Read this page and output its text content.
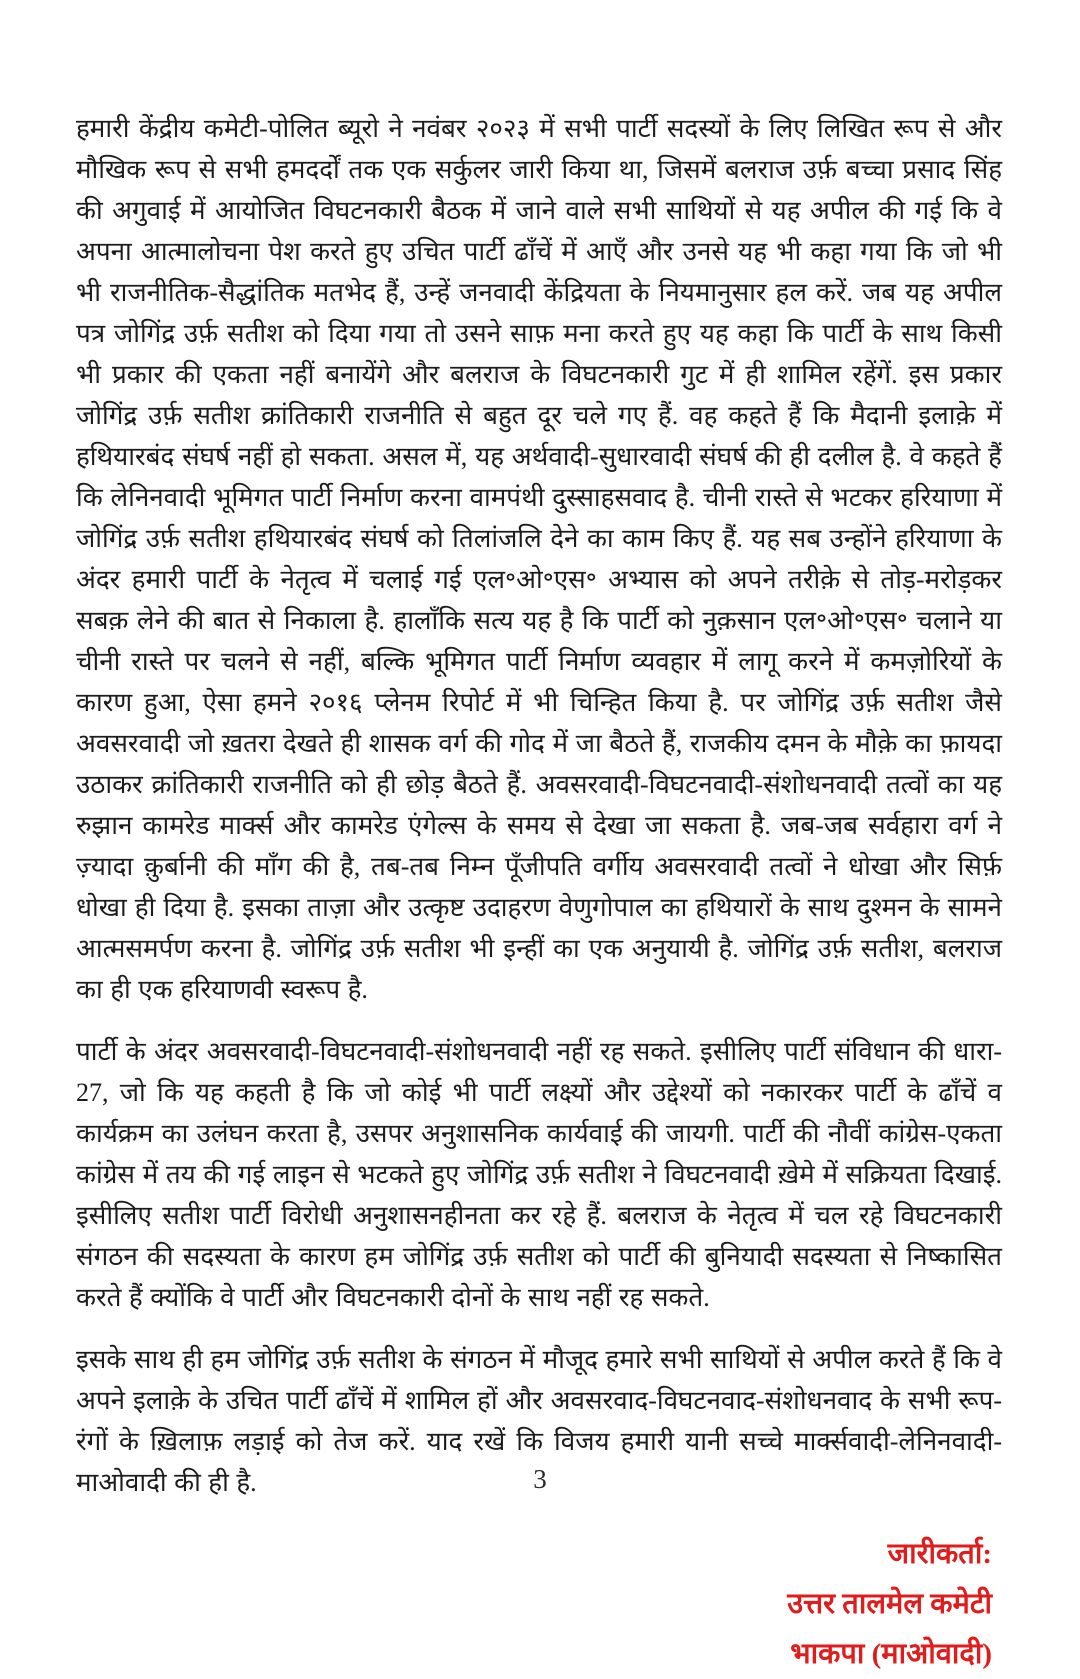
हमारी केंद्रीय कमेटी-पोलित ब्यूरो ने नवंबर २०२३ में सभी पार्टी सदस्यों के लिए लिखित रूप से और मौखिक रूप से सभी हमदर्दों तक एक सर्कुलर जारी किया था, जिसमें बलराज उर्फ़ बच्चा प्रसाद सिंह की अगुवाई में आयोजित विघटनकारी बैठक में जाने वाले सभी साथियों से यह अपील की गई कि वे अपना आत्मालोचना पेश करते हुए उचित पार्टी ढाँचें में आएँ और उनसे यह भी कहा गया कि जो भी भी राजनीतिक-सैद्धांतिक मतभेद हैं, उन्हें जनवादी केंद्रियता के नियमानुसार हल करें. जब यह अपील पत्र जोगिंद्र उर्फ़ सतीश को दिया गया तो उसने साफ़ मना करते हुए यह कहा कि पार्टी के साथ किसी भी प्रकार की एकता नहीं बनायेंगे और बलराज के विघटनकारी गुट में ही शामिल रहेंगें. इस प्रकार जोगिंद्र उर्फ़ सतीश क्रांतिकारी राजनीति से बहुत दूर चले गए हैं. वह कहते हैं कि मैदानी इलाक़े में हथियारबंद संघर्ष नहीं हो सकता. असल में, यह अर्थवादी-सुधारवादी संघर्ष की ही दलील है. वे कहते हैं कि लेनिनवादी भूमिगत पार्टी निर्माण करना वामपंथी दुस्साहसवाद है. चीनी रास्ते से भटकर हरियाणा में जोगिंद्र उर्फ़ सतीश हथियारबंद संघर्ष को तिलांजलि देने का काम किए हैं. यह सब उन्होंने हरियाणा के अंदर हमारी पार्टी के नेतृत्व में चलाई गई एल॰ओ॰एस॰ अभ्यास को अपने तरीक़े से तोड़-मरोड़कर सबक़ लेने की बात से निकाला है. हालाँकि सत्य यह है कि पार्टी को नुक़सान एल॰ओ॰एस॰ चलाने या चीनी रास्ते पर चलने से नहीं, बल्कि भूमिगत पार्टी निर्माण व्यवहार में लागू करने में कमज़ोरियों के कारण हुआ, ऐसा हमने २०१६ प्लेनम रिपोर्ट में भी चिन्हित किया है. पर जोगिंद्र उर्फ़ सतीश जैसे अवसरवादी जो ख़तरा देखते ही शासक वर्ग की गोद में जा बैठते हैं, राजकीय दमन के मौक़े का फ़ायदा उठाकर क्रांतिकारी राजनीति को ही छोड़ बैठते हैं. अवसरवादी-विघटनवादी-संशोधनवादी तत्वों का यह रुझान कामरेड मार्क्स और कामरेड एंगेल्स के समय से देखा जा सकता है. जब-जब सर्वहारा वर्ग ने ज़्यादा क़ुर्बानी की माँग की है, तब-तब निम्न पूँजीपति वर्गीय अवसरवादी तत्वों ने धोखा और सिर्फ़ धोखा ही दिया है. इसका ताज़ा और उत्कृष्ट उदाहरण वेणुगोपाल का हथियारों के साथ दुश्मन के सामने आत्मसमर्पण करना है. जोगिंद्र उर्फ़ सतीश भी इन्हीं का एक अनुयायी है. जोगिंद्र उर्फ़ सतीश, बलराज का ही एक हरियाणवी स्वरूप है.

पार्टी के अंदर अवसरवादी-विघटनवादी-संशोधनवादी नहीं रह सकते. इसीलिए पार्टी संविधान की धारा- 27, जो कि यह कहती है कि जो कोई भी पार्टी लक्ष्यों और उद्देश्यों को नकारकर पार्टी के ढाँचें व कार्यक्रम का उलंघन करता है, उसपर अनुशासनिक कार्यवाई की जायगी. पार्टी की नौवीं कांग्रेस-एकता कांग्रेस में तय की गई लाइन से भटकते हुए जोगिंद्र उर्फ़ सतीश ने विघटनवादी ख़ेमे में सक्रियता दिखाई. इसीलिए सतीश पार्टी विरोधी अनुशासनहीनता कर रहे हैं. बलराज के नेतृत्व में चल रहे विघटनकारी संगठन की सदस्यता के कारण हम जोगिंद्र उर्फ़ सतीश को पार्टी की बुनियादी सदस्यता से निष्कासित करते हैं क्योंकि वे पार्टी और विघटनकारी दोनों के साथ नहीं रह सकते.

इसके साथ ही हम जोगिंद्र उर्फ़ सतीश के संगठन में मौजूद हमारे सभी साथियों से अपील करते हैं कि वे अपने इलाक़े के उचित पार्टी ढाँचें में शामिल हों और अवसरवाद-विघटनवाद-संशोधनवाद के सभी रूप-रंगों के ख़िलाफ़ लड़ाई को तेज करें. याद रखें कि विजय हमारी यानी सच्चे मार्क्सवादी-लेनिनवादी-माओवादी की ही है.

जारीकर्ता:
उत्तर तालमेल कमेटी
भाकपा (माओवादी)
3
